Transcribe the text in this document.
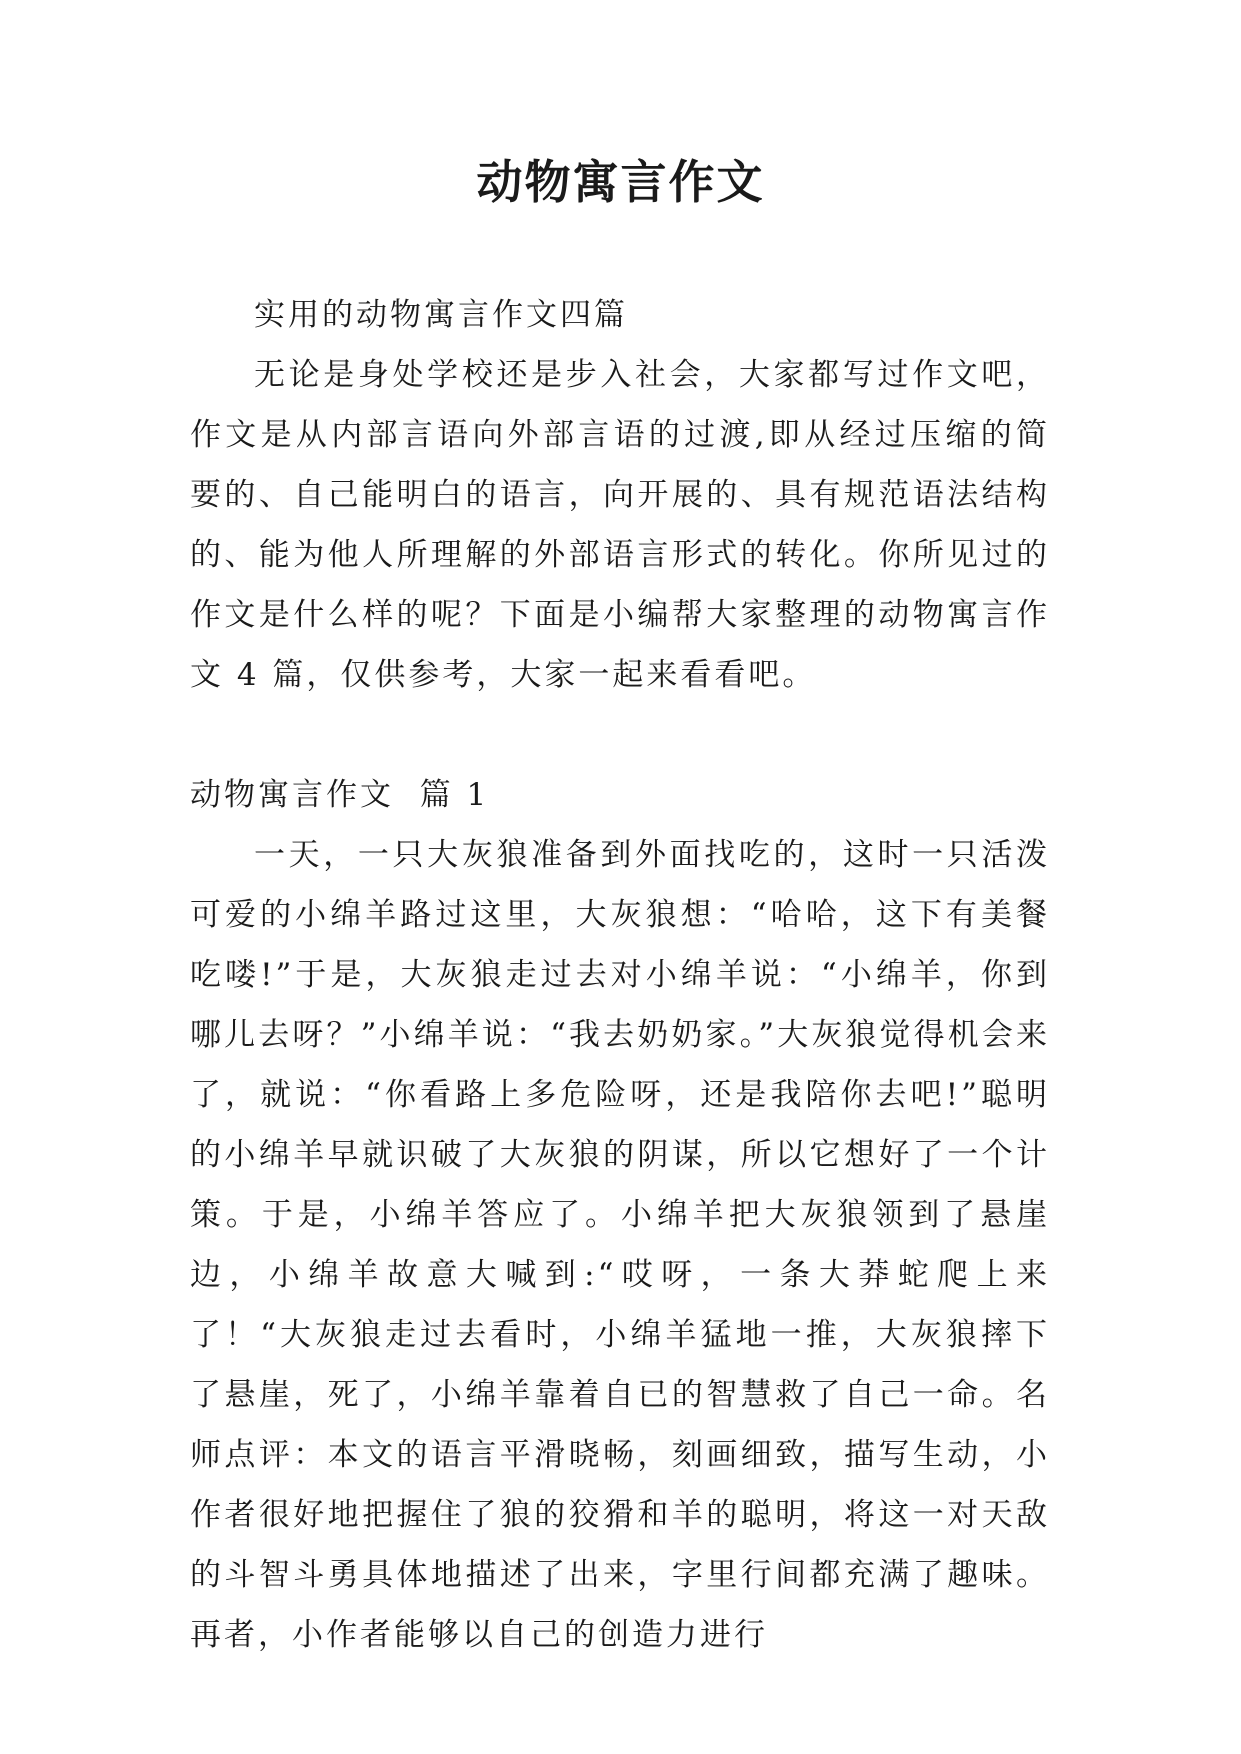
动物寓言作文

实用的动物寓言作文四篇

无论是身处学校还是步入社会，大家都写过作文吧，作文是从内部言语向外部言语的过渡,即从经过压缩的简要的、自己能明白的语言，向开展的、具有规范语法结构的、能为他人所理解的外部语言形式的转化。你所见过的作文是什么样的呢？下面是小编帮大家整理的动物寓言作文 4 篇，仅供参考，大家一起来看看吧。

动物寓言作文  篇 1

一天，一只大灰狼准备到外面找吃的，这时一只活泼可爱的小绵羊路过这里，大灰狼想：“哈哈，这下有美餐吃喽!”于是，大灰狼走过去对小绵羊说：“小绵羊，你到哪儿去呀？”小绵羊说：“我去奶奶家。”大灰狼觉得机会来了，就说：“你看路上多危险呀，还是我陪你去吧!”聪明的小绵羊早就识破了大灰狼的阴谋，所以它想好了一个计策。于是，小绵羊答应了。小绵羊把大灰狼领到了悬崖边，小绵羊故意大喊到:“哎呀，一条大莽蛇爬上来了！“大灰狼走过去看时，小绵羊猛地一推，大灰狼摔下了悬崖，死了，小绵羊靠着自已的智慧救了自己一命。名师点评：本文的语言平滑晓畅，刻画细致，描写生动，小作者很好地把握住了狼的狡猾和羊的聪明，将这一对天敌的斗智斗勇具体地描述了出来，字里行间都充满了趣味。再者，小作者能够以自己的创造力进行
